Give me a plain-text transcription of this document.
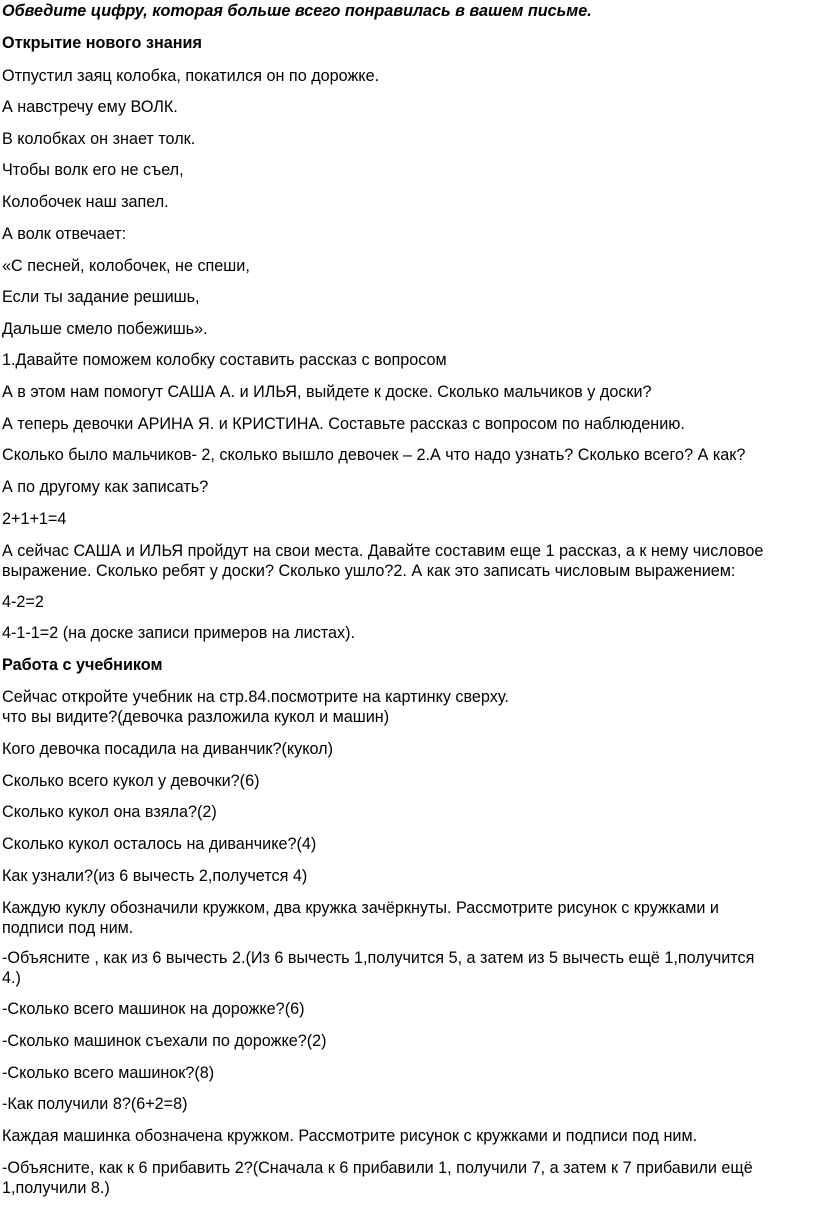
Обведите цифру, которая больше всего понравилась в вашем письме.

Открытие нового знания

Отпустил заяц колобка, покатился он по дорожке.

А навстречу ему ВОЛК.

В колобках он знает толк.

Чтобы волк его не съел,

Колобочек наш запел.

А волк отвечает:

«С песней, колобочек, не спеши,

Если ты задание решишь,

Дальше смело побежишь».

1.Давайте поможем колобку составить рассказ с вопросом

А в этом нам помогут САША А. и ИЛЬЯ, выйдете к доске. Сколько мальчиков у доски?

А теперь девочки АРИНА Я. и КРИСТИНА. Составьте рассказ с вопросом по наблюдению.

Сколько было мальчиков- 2, сколько вышло девочек – 2.А что надо узнать? Сколько всего? А как?

А по другому как записать?

2+1+1=4

А сейчас САША и ИЛЬЯ пройдут на свои места. Давайте составим еще 1 рассказ, а к нему числовое
выражение. Сколько ребят у доски? Сколько ушло?2. А как это записать числовым выражением:

4-2=2

4-1-1=2 (на доске записи примеров на листах).

Работа с учебником

Сейчас откройте учебник на стр.84.посмотрите на картинку сверху.
что вы видите?(девочка разложила кукол и машин)

Кого девочка посадила на диванчик?(кукол)

Сколько всего кукол у девочки?(6)

Сколько кукол она взяла?(2)

Сколько кукол осталось на диванчике?(4)

Как узнали?(из 6 вычесть 2,получется 4)

Каждую куклу обозначили кружком, два кружка зачёркнуты. Рассмотрите рисунок с кружками и
подписи под ним.

-Объясните , как из 6 вычесть 2.(Из 6 вычесть 1,получится 5, а затем из 5 вычесть ещё 1,получится
4.)

-Сколько всего машинок на дорожке?(6)

-Сколько машинок съехали по дорожке?(2)

-Сколько всего машинок?(8)

-Как получили 8?(6+2=8)

Каждая машинка обозначена кружком. Рассмотрите рисунок с кружками и подписи под ним.

-Объясните, как к 6 прибавить 2?(Сначала к 6 прибавили 1, получили 7, а затем к 7 прибавили ещё
1,получили 8.)
